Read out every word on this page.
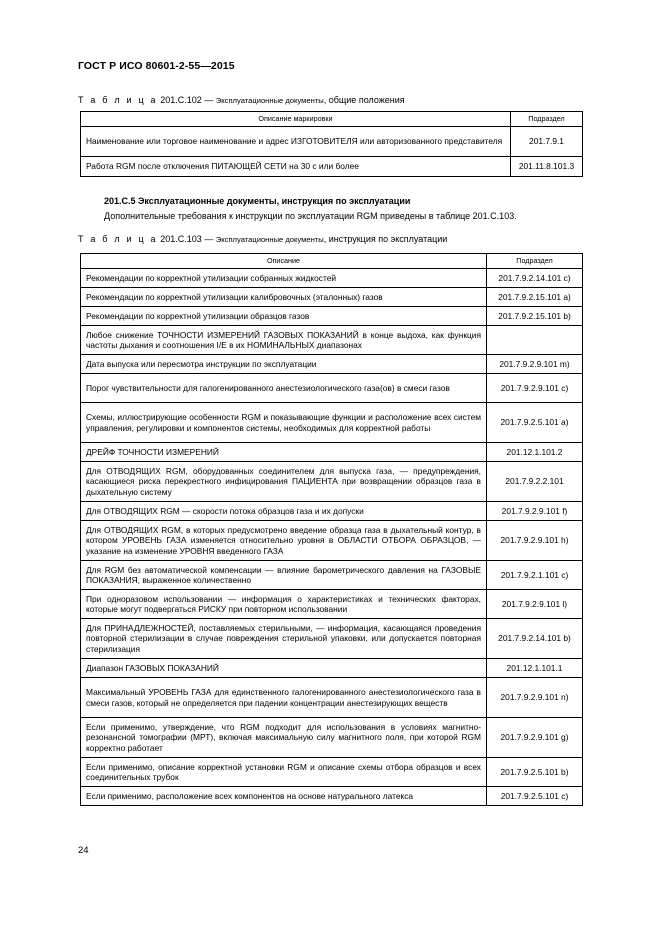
ГОСТ Р ИСО 80601-2-55—2015
Т а б л и ц а 201.C.102 — Эксплуатационные документы, общие положения
Описание маркировки	Подраздел
Наименование или торговое наименование и адрес ИЗГОТОВИТЕЛЯ или авторизованного представителя	201.7.9.1
Работа RGM после отключения ПИТАЮЩЕЙ СЕТИ на 30 с или более	201.11.8.101.3
201.C.5 Эксплуатационные документы, инструкция по эксплуатации
Дополнительные требования к инструкции по эксплуатации RGM приведены в таблице 201.C.103.
Т а б л и ц а 201.C.103 — Эксплуатационные документы, инструкция по эксплуатации
Описание	Подраздел
Рекомендации по корректной утилизации собранных жидкостей	201.7.9.2.14.101 c)
Рекомендации по корректной утилизации калибровочных (эталонных) газов	201.7.9.2.15.101 a)
Рекомендации по корректной утилизации образцов газов	201.7.9.2.15.101 b)
Любое снижение ТОЧНОСТИ ИЗМЕРЕНИЙ ГАЗОВЫХ ПОКАЗАНИЙ в конце выдоха, как функция частоты дыхания и соотношения I/E в их НОМИНАЛЬНЫХ диапазонах	
Дата выпуска или пересмотра инструкции по эксплуатации	201.7.9.2.9.101 m)
Порог чувствительности для галогенированного анестезиологического газа(ов) в смеси газов	201.7.9.2.9.101 c)
Схемы, иллюстрирующие особенности RGM и показывающие функции и расположение всех систем управления, регулировки и компонентов системы, необходимых для корректной работы	201.7.9.2.5.101 a)
ДРЕЙФ ТОЧНОСТИ ИЗМЕРЕНИЙ	201.12.1.101.2
Для ОТВОДЯЩИХ RGM, оборудованных соединителем для выпуска газа, — предупреждения, касающиеся риска перекрестного инфицирования ПАЦИЕНТА при возвращении образцов газа в дыхательную систему	201.7.9.2.2.101
Для ОТВОДЯЩИХ RGM — скорости потока образцов газа и их допуски	201.7.9.2.9.101 f)
Для ОТВОДЯЩИХ RGM, в которых предусмотрено введение образца газа в дыхательный контур, в котором УРОВЕНЬ ГАЗА изменяется относительно уровня в ОБЛАСТИ ОТБОРА ОБРАЗЦОВ, — указание на изменение УРОВНЯ введенного ГАЗА	201.7.9.2.9.101 h)
Для RGM без автоматической компенсации — влияние барометрического давления на ГАЗОВЫЕ ПОКАЗАНИЯ, выраженное количественно	201.7.9.2.1.101 c)
При одноразовом использовании — информация о характеристиках и технических факторах, которые могут подвергаться РИСКУ при повторном использовании	201.7.9.2.9.101 l)
Для ПРИНАДЛЕЖНОСТЕЙ, поставляемых стерильными, — информация, касающаяся проведения повторной стерилизации в случае повреждения стерильной упаковки, или допускается повторная стерилизация	201.7.9.2.14.101 b)
Диапазон ГАЗОВЫХ ПОКАЗАНИЙ	201.12.1.101.1
Максимальный УРОВЕНЬ ГАЗА для единственного галогенированного анестезиологического газа в смеси газов, который не определяется при падении концентрации анестезирующих веществ	201.7.9.2.9.101 n)
Если применимо, утверждение, что RGM подходит для использования в условиях магнитно-резонансной томографии (МРТ), включая максимальную силу магнитного поля, при которой RGM корректно работает	201.7.9.2.9.101 g)
Если применимо, описание корректной установки RGM и описание схемы отбора образцов и всех соединительных трубок	201.7.9.2.5.101 b)
Если применимо, расположение всех компонентов на основе натурального латекса	201.7.9.2.5.101 c)
24
